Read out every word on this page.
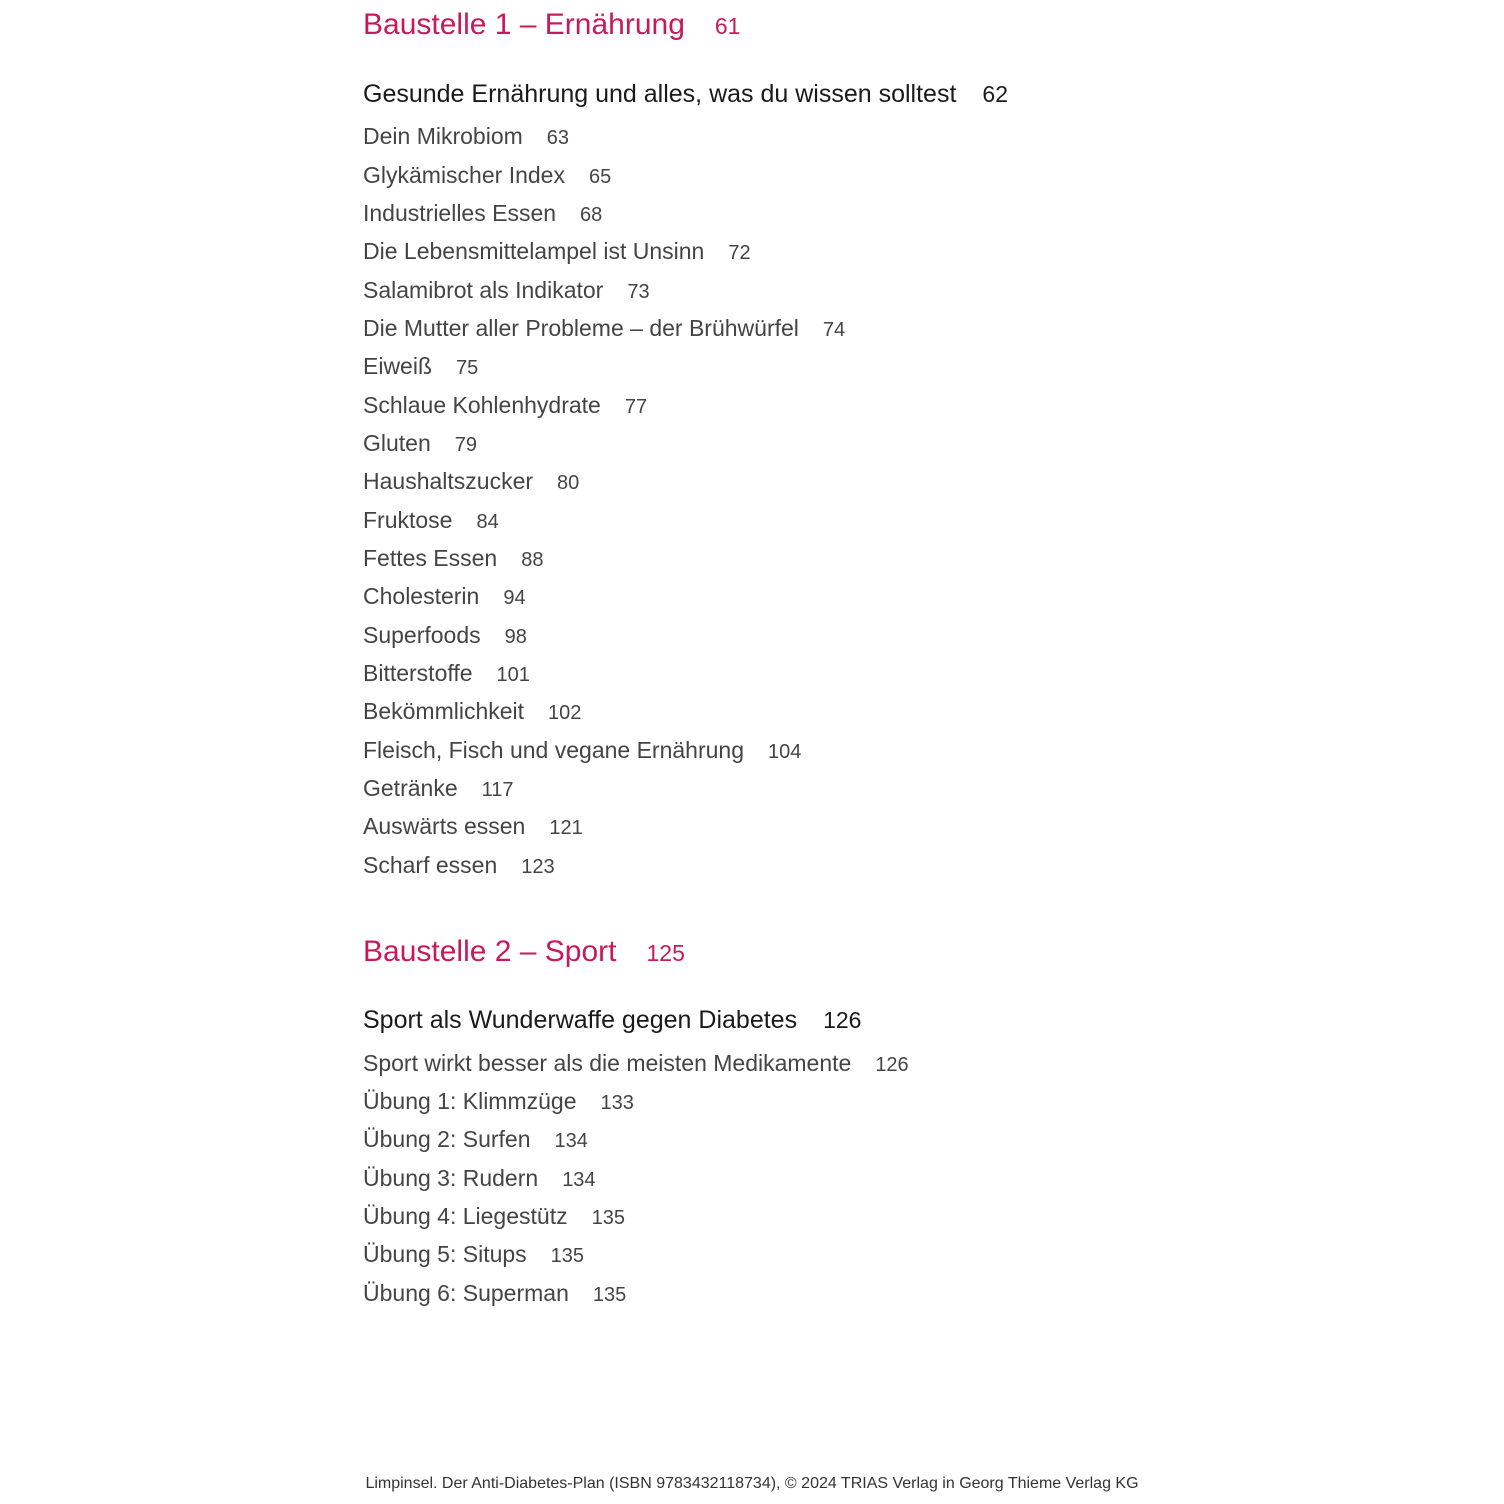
Baustelle 1 – Ernährung 61
Gesunde Ernährung und alles, was du wissen solltest 62
Dein Mikrobiom 63
Glykämischer Index 65
Industrielles Essen 68
Die Lebensmittelampel ist Unsinn 72
Salamibrot als Indikator 73
Die Mutter aller Probleme – der Brühwürfel 74
Eiweiß 75
Schlaue Kohlenhydrate 77
Gluten 79
Haushaltszucker 80
Fruktose 84
Fettes Essen 88
Cholesterin 94
Superfoods 98
Bitterstoffe 101
Bekömmlichkeit 102
Fleisch, Fisch und vegane Ernährung 104
Getränke 117
Auswärts essen 121
Scharf essen 123
Baustelle 2 – Sport 125
Sport als Wunderwaffe gegen Diabetes 126
Sport wirkt besser als die meisten Medikamente 126
Übung 1: Klimmzüge 133
Übung 2: Surfen 134
Übung 3: Rudern 134
Übung 4: Liegestütz 135
Übung 5: Situps 135
Übung 6: Superman 135
Limpinsel. Der Anti-Diabetes-Plan (ISBN 9783432118734), © 2024 TRIAS Verlag in Georg Thieme Verlag KG
